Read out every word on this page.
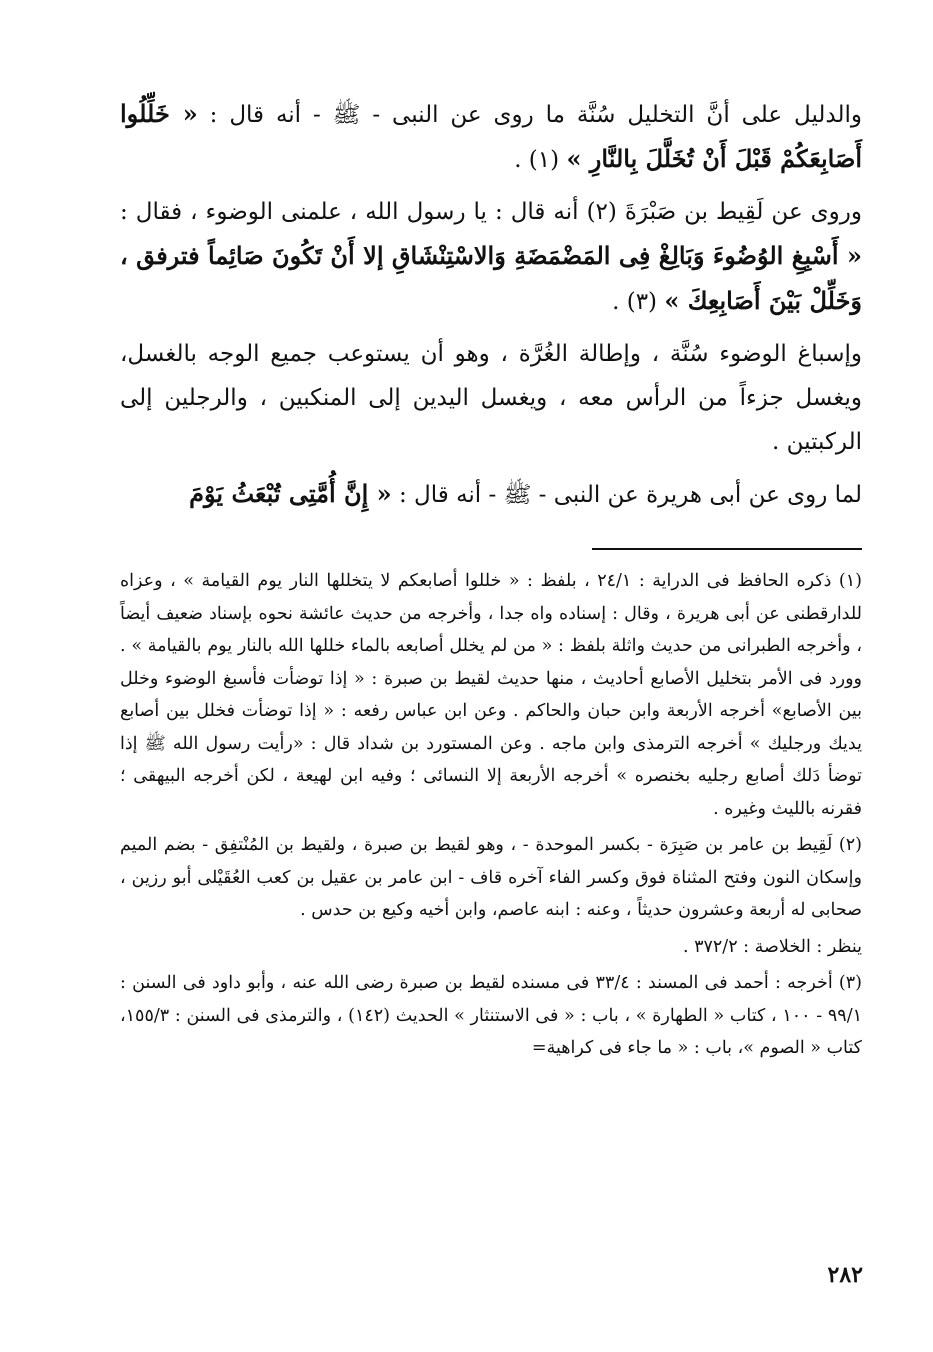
والدليل على أنَّ التخليل سُنَّة ما روى عن النبى - ﷺ - أنه قال : « خَلِّلُوا أَصَابِعَكُمْ قَبْلَ أَنْ تُخَلَّلَ بِالنَّارِ » (١) .

وروى عن لَقِيط بن صَبْرَةَ (٢) أنه قال : يا رسول الله ، علمنى الوضوء ، فقال : « أَسْبِغِ الوُضُوءَ وَبَالِغْ فِى المَضْمَضَةِ وَالاسْتِنْشَاقِ إلا أَنْ تَكُونَ صَائِماً فترفق ، وَخَلِّلْ بَيْنَ أَصَابِعِكَ » (٣) .

وإسباغ الوضوء سُنَّة ، وإطالة الغُرَّة ، وهو أن يستوعب جميع الوجه بالغسل، ويغسل جزءاً من الرأس معه ، ويغسل اليدين إلى المنكبين ، والرجلين إلى الركبتين .

لما روى عن أبى هريرة عن النبى - ﷺ - أنه قال : « إِنَّ أُمَّتِى تُبْعَثُ يَوْمَ

(١) ذكره الحافظ فى الدراية : ٢٤/١ ، بلفظ : « خللوا أصابعكم لا يتخللها النار يوم القيامة » ، وعزاه للدارقطنى عن أبى هريرة ، وقال : إسناده واه جدا ، وأخرجه من حديث عائشة نحوه بإسناد ضعيف أيضاً ، وأخرجه الطبرانى من حديث واثلة بلفظ : « من لم يخلل أصابعه بالماء خللها الله بالنار يوم بالقيامة » . وورد فى الأمر بتخليل الأصابع أحاديث ، منها حديث لقيط بن صبرة : « إذا توضأت فأسبغ الوضوء وخلل بين الأصابع» أخرجه الأربعة وابن حبان والحاكم . وعن ابن عباس رفعه : « إذا توضأت فخلل بين أصابع يديك ورجليك » أخرجه الترمذى وابن ماجه . وعن المستورد بن شداد قال : «رأيت رسول الله ﷺ إذا توضأ دَلك أصابع رجليه بخنصره » أخرجه الأربعة إلا النسائى ؛ وفيه ابن لهيعة ، لكن أخرجه البيهقى ؛ فقرنه بالليث وغيره .

(٢) لَقِيط بن عامر بن صَبِرَة - بكسر الموحدة - ، وهو لقيط بن صبرة ، ولقيط بن المُنْتفِق - بضم الميم وإسكان النون وفتح المثناة فوق وكسر الفاء آخره قاف - ابن عامر بن عقيل بن كعب العُقَيْلى أبو رزين ، صحابى له أربعة وعشرون حديثاً ، وعنه : ابنه عاصم، وابن أخيه وكيع بن حدس .

ينظر : الخلاصة : ٣٧٢/٢ .

(٣) أخرجه : أحمد فى المسند : ٣٣/٤ فى مسنده لقيط بن صبرة رضى الله عنه ، وأبو داود فى السنن : ٩٩/١ - ١٠٠ ، كتاب « الطهارة » ، باب : « فى الاستنثار » الحديث (١٤٢) ، والترمذى فى السنن : ١٥٥/٣، كتاب « الصوم »، باب : « ما جاء فى كراهية=

٢٨٢
